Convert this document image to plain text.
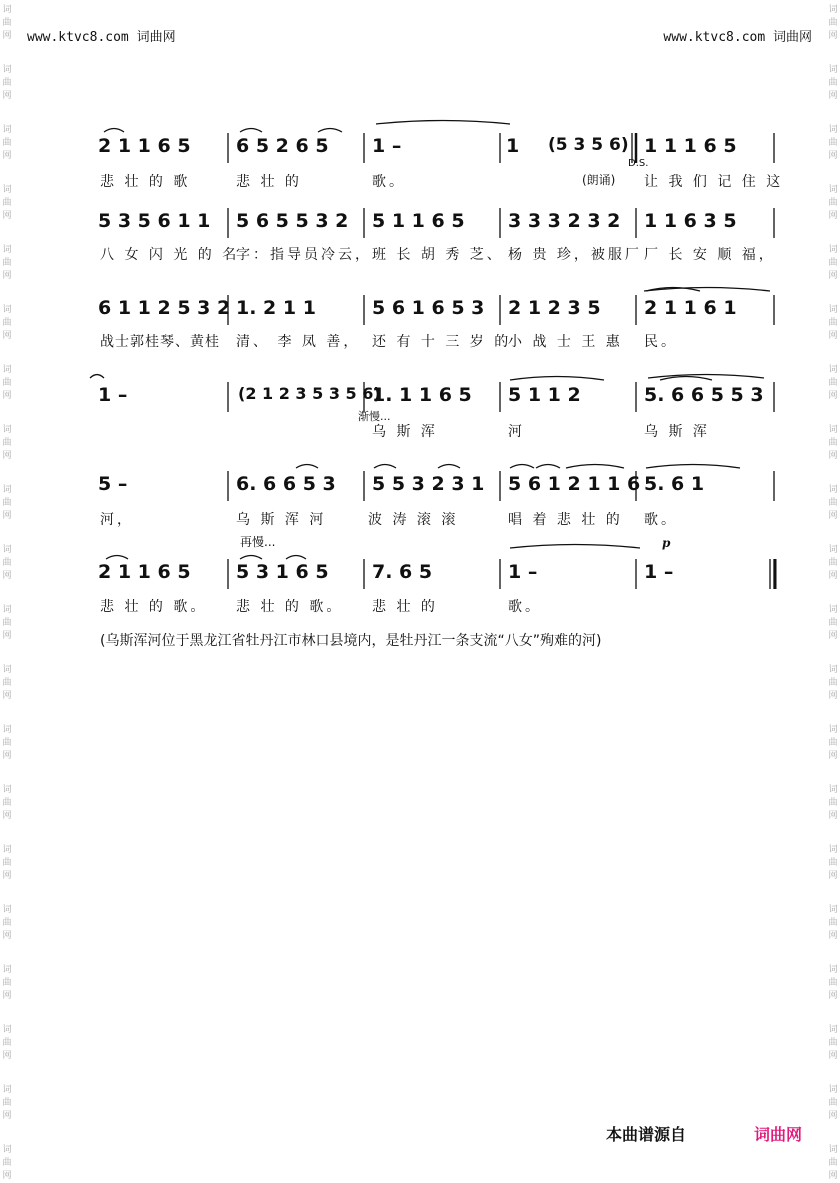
词
曲
网
词
曲
网
词
曲
网
词
曲
网
词
曲
网
词
曲
网
词
曲
网
词
曲
网
词
曲
网
词
曲
网
词
曲
网
词
曲
网
词
曲
网
词
曲
网
词
曲
网
词
曲
网
词
曲
网
词
曲
网
词
曲
网
词
曲
网
词
曲
网
词
曲
网
词
曲
网
词
曲
网
词
曲
网
词
曲
网
词
曲
网
词
曲
网
词
曲
网
词
曲
网
词
曲
网
词
曲
网
词
曲
网
词
曲
网
词
曲
网
词
曲
网
词
曲
网
词
曲
网
词
曲
网
词
曲
网
www.ktvc8.com 词曲网	www.ktvc8.com 词曲网
2 1 1 6 5 6 5 2 6 5 1 –	1 (5 3 5 6) 1 1 1 6 5
悲 壮 的 歌	悲 壮 的	歌。	(朗诵) 让 我 们 记 住 这
D.S.
5 3 5 6 1 1 5 6 5 5 3 2 5 1 1 6 5 3 3 3 2 3 2 1 1 6 3 5
八 女 闪 光 的 名
字：指导员冷云， 班 长 胡 秀 芝、 杨 贵 珍，被服厂 厂 长 安 顺 福，
6 1 1 2 5 3 2 1. 2 1 1	5 6 1 6 5 3 2 1 2 3 5 2 1 1 6 1
战士郭桂琴、黄桂 清、 李 凤 善， 还 有 十 三 岁 的
小 战 士 王 惠 民。
1 –	(2 1 2 3 5 3 5 6)
1. 1 1 6 5 5 1 1 2	5. 6 6 5 5 3
渐慢...
乌 斯 浑	河	乌 斯 浑
5 –	6. 6 6 5 3 5 5 3 2 3 1 5 6 1 2 1 1 6 5. 6 1
河，	乌 斯 浑 河	波 涛 滚 滚	唱 着 悲 壮 的 歌。
再慢...
2 1 1 6 5 5 3 1 6 5 7. 6 5	1 –	1 –
p
悲 壮 的 歌。 悲 壮 的 歌。 悲 壮 的	歌。
(乌斯浑河位于黑龙江省牡丹江市林口县境内，是牡丹江一条支流“八女”殉难的河)
本曲谱源自	词曲网
